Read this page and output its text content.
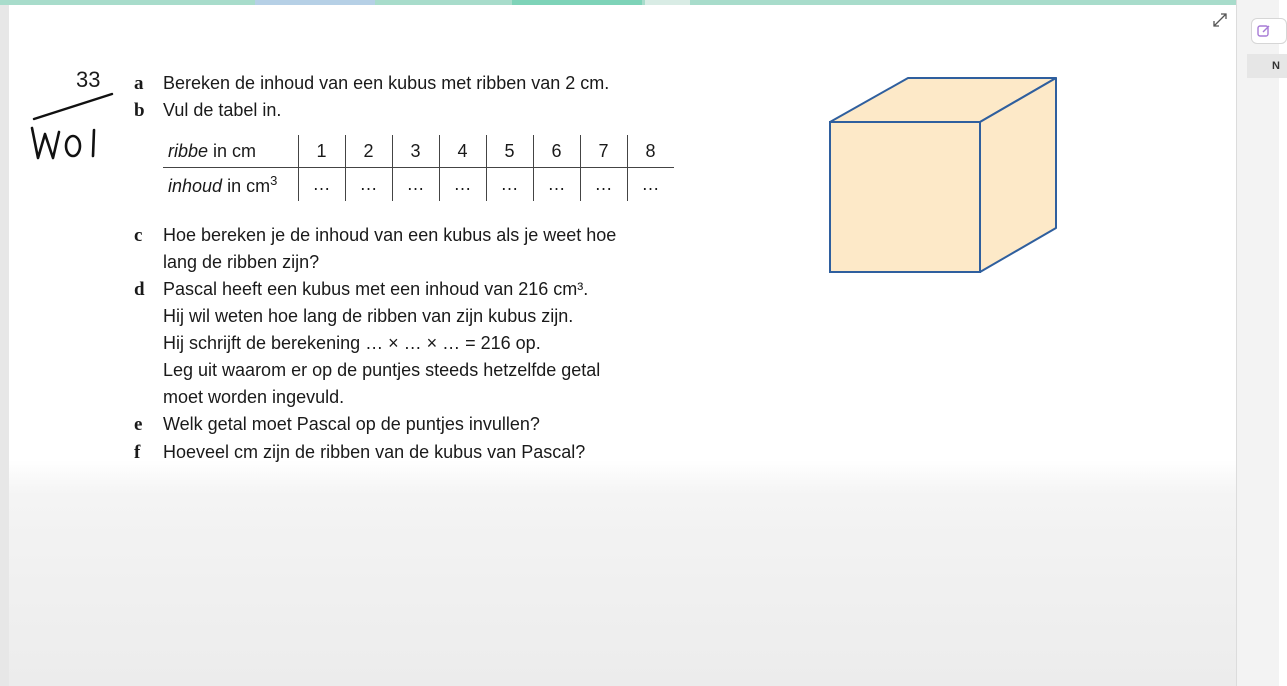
N
33 a Bereken de inhoud van een kubus met ribben van 2 cm.
b Vul de tabel in.
ribbe in cm	1	2	3	4	5	6	7	8
inhoud in $cm^3$	…	…	…	…	…	…	…	…
c Hoe bereken je de inhoud van een kubus als je weet hoe
lang de ribben zijn?
d Pascal heeft een kubus met een inhoud van 216 cm³.
Hij wil weten hoe lang de ribben van zijn kubus zijn.
Hij schrijft de berekening … × … × … = 216 op.
Leg uit waarom er op de puntjes steeds hetzelfde getal
moet worden ingevuld.
e Welk getal moet Pascal op de puntjes invullen?
f Hoeveel cm zijn de ribben van de kubus van Pascal?
